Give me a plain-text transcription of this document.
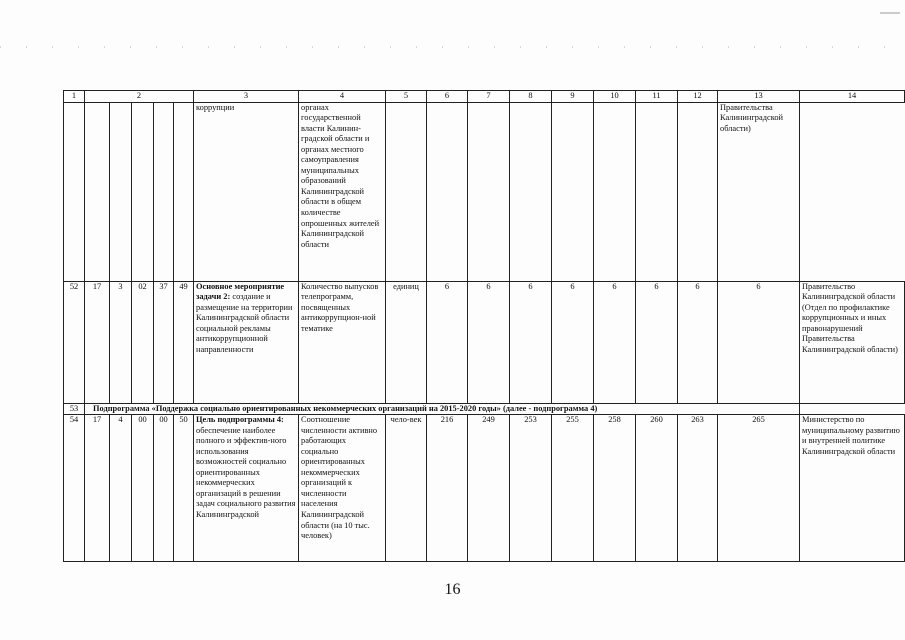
1	2					3	4	5	6	7	8	9	10	11	12	13	14
						коррупции	органах государственной власти Калинин-градской области и органах местного самоуправления муниципальных образований Калининградской области в общем количестве опрошенных жителей Калининградской области									Правительства Калининградской области)	
52	17	3	02	37	49	Основное мероприятие задачи 2: создание и размещение на территории Калининградской области социальной рекламы антикоррупционной направленности	Количество выпусков телепрограмм, посвященных антикоррупцион-ной тематике	единиц	6	6	6	6	6	6	6	6	Правительство Калининградской области (Отдел по профилактике коррупционных и иных правонарушений Правительства Калининградской области)
53	Подпрограмма «Поддержка социально ориентированных некоммерческих организаций на 2015-2020 годы» (далее - подпрограмма 4)																
54	17	4	00	00	50	Цель подпрограммы 4: обеспечение наиболее полного и эффектив-ного использования возможностей социально ориентированных некоммерческих организаций в решении задач социального развития Калининградской	Соотношение численности активно работающих социально ориентированных некоммерческих организаций к численности населения Калининградской области (на 10 тыс. человек)	чело-век	216	249	253	255	258	260	263	265	Министерство по муниципальному развитию и внутренней политике Калининградской области
16
